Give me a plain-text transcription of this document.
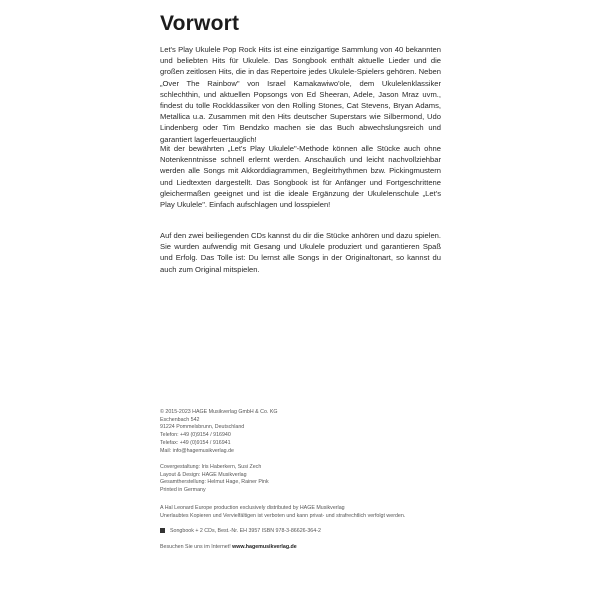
Vorwort
Let's Play Ukulele Pop Rock Hits ist eine einzigartige Sammlung von 40 bekannten und beliebten Hits für Ukulele. Das Songbook enthält aktuelle Lieder und die großen zeitlosen Hits, die in das Repertoire jedes Ukulele-Spielers gehören. Neben „Over The Rainbow" von Israel Kamakawiwo'ole, dem Ukulelenklassiker schlechthin, und aktuellen Popsongs von Ed Sheeran, Adele, Jason Mraz uvm., findest du tolle Rockklassiker von den Rolling Stones, Cat Stevens, Bryan Adams, Metallica u.a. Zusammen mit den Hits deutscher Superstars wie Silbermond, Udo Lindenberg oder Tim Bendzko machen sie das Buch abwechslungsreich und garantiert lagerfeuertauglich!
Mit der bewährten „Let's Play Ukulele"-Methode können alle Stücke auch ohne Notenkenntnisse schnell erlernt werden. Anschaulich und leicht nachvollziehbar werden alle Songs mit Akkorddiagrammen, Begleitrhythmen bzw. Pickingmustern und Liedtexten dargestellt. Das Songbook ist für Anfänger und Fortgeschrittene gleichermaßen geeignet und ist die ideale Ergänzung der Ukulelenschule „Let's Play Ukulele". Einfach aufschlagen und losspielen!
Auf den zwei beiliegenden CDs kannst du dir die Stücke anhören und dazu spielen. Sie wurden aufwendig mit Gesang und Ukulele produziert und garantieren Spaß und Erfolg. Das Tolle ist: Du lernst alle Songs in der Originaltonart, so kannst du auch zum Original mitspielen.
© 2015-2023 HAGE Musikverlag GmbH & Co. KG
Eschenbach 542
91224 Pommelsbrunn, Deutschland
Telefon: +49 (0)9154 / 916940
Telefax: +49 (0)9154 / 916941
Mail: info@hagemusikverlag.de
Covergestaltung: Iris Haberkern, Susi Zech
Layout & Design: HAGE Musikverlag
Gesamtherstellung: Helmut Hage, Rainer Pink
Printed in Germany
A Hal Leonard Europe production exclusively distributed by HAGE Musikverlag
Unerlaubtes Kopieren und Vervielfältigen ist verboten und kann privat- und strafrechtlich verfolgt werden.
Songbook + 2 CDs, Best.-Nr. EH 3957 ISBN 978-3-86626-364-2
Besuchen Sie uns im Internet! www.hagemusikverlag.de
